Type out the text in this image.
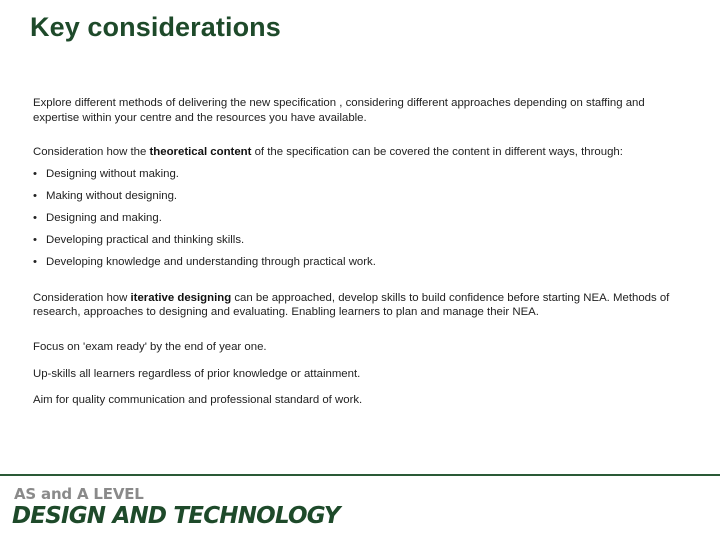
Key considerations

Explore different methods of delivering the new specification , considering different approaches depending on staffing and expertise within your centre and the resources you have available.

Consideration how the theoretical content of the specification can be covered the content in different ways, through:

• Designing without making.
• Making without designing.
• Designing and making.
• Developing practical and thinking skills.
• Developing knowledge and understanding through practical work.

Consideration how iterative designing can be approached, develop skills to build confidence before starting NEA. Methods of research, approaches to designing and evaluating. Enabling learners to plan and manage their NEA.

Focus on 'exam ready' by the end of year one.

Up-skills all learners regardless of prior knowledge or attainment.

Aim for quality communication and professional standard of work.

AS and A LEVEL
DESIGN AND TECHNOLOGY
